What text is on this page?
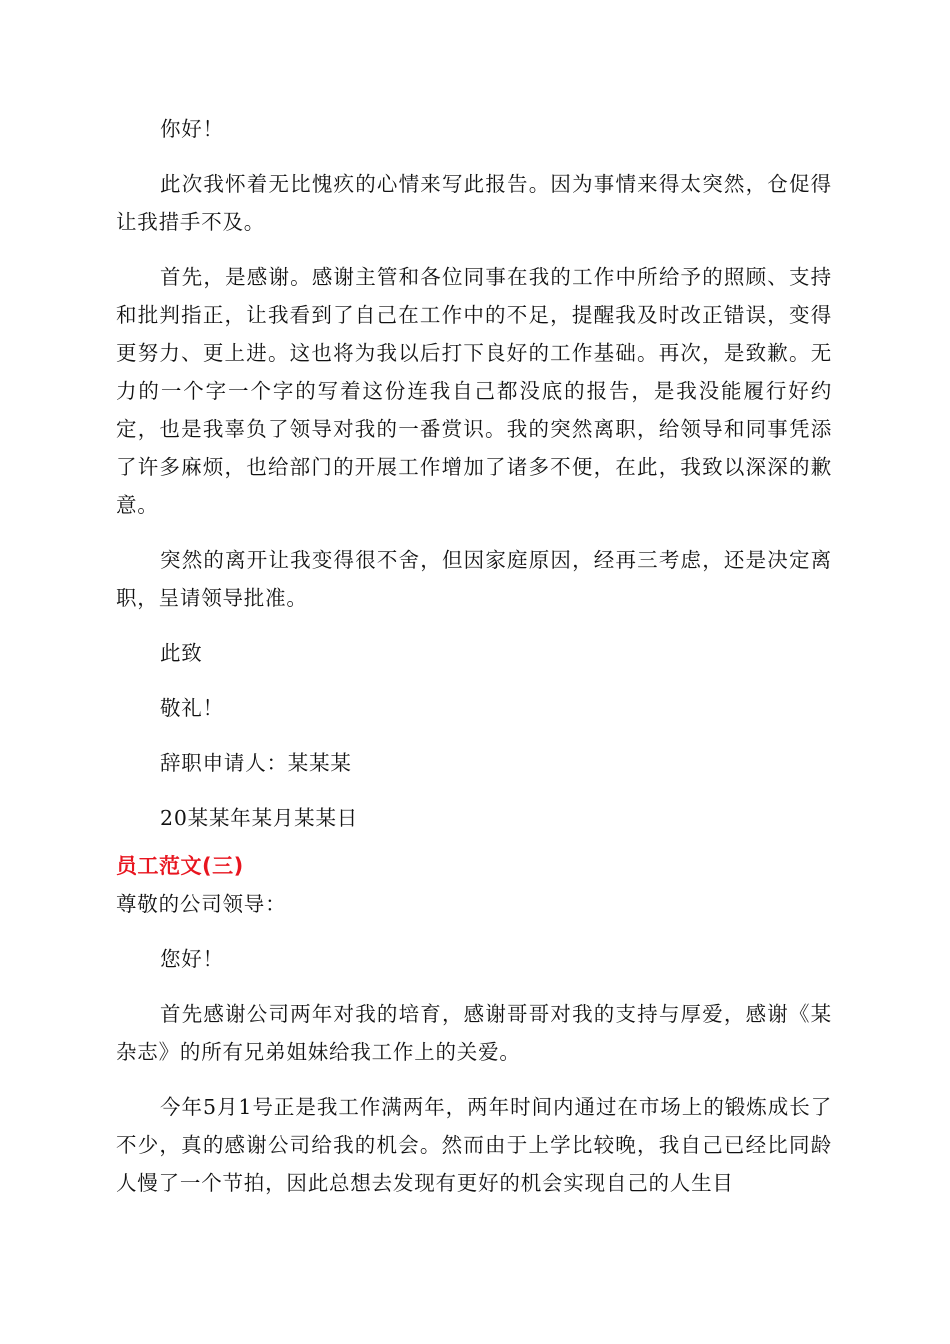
你好！

此次我怀着无比愧疚的心情来写此报告。因为事情来得太突然，仓促得让我措手不及。

首先，是感谢。感谢主管和各位同事在我的工作中所给予的照顾、支持和批判指正，让我看到了自己在工作中的不足，提醒我及时改正错误，变得更努力、更上进。这也将为我以后打下良好的工作基础。再次，是致歉。无力的一个字一个字的写着这份连我自己都没底的报告，是我没能履行好约定，也是我辜负了领导对我的一番赏识。我的突然离职，给领导和同事凭添了许多麻烦，也给部门的开展工作增加了诸多不便，在此，我致以深深的歉意。

突然的离开让我变得很不舍，但因家庭原因，经再三考虑，还是决定离职，呈请领导批准。

此致

敬礼！

辞职申请人：某某某

20某某年某月某某日

员工范文(三)

尊敬的公司领导：

您好！

首先感谢公司两年对我的培育，感谢哥哥对我的支持与厚爱，感谢《某杂志》的所有兄弟姐妹给我工作上的关爱。

今年5月1号正是我工作满两年，两年时间内通过在市场上的锻炼成长了不少，真的感谢公司给我的机会。然而由于上学比较晚，我自己已经比同龄人慢了一个节拍，因此总想去发现有更好的机会实现自己的人生目
